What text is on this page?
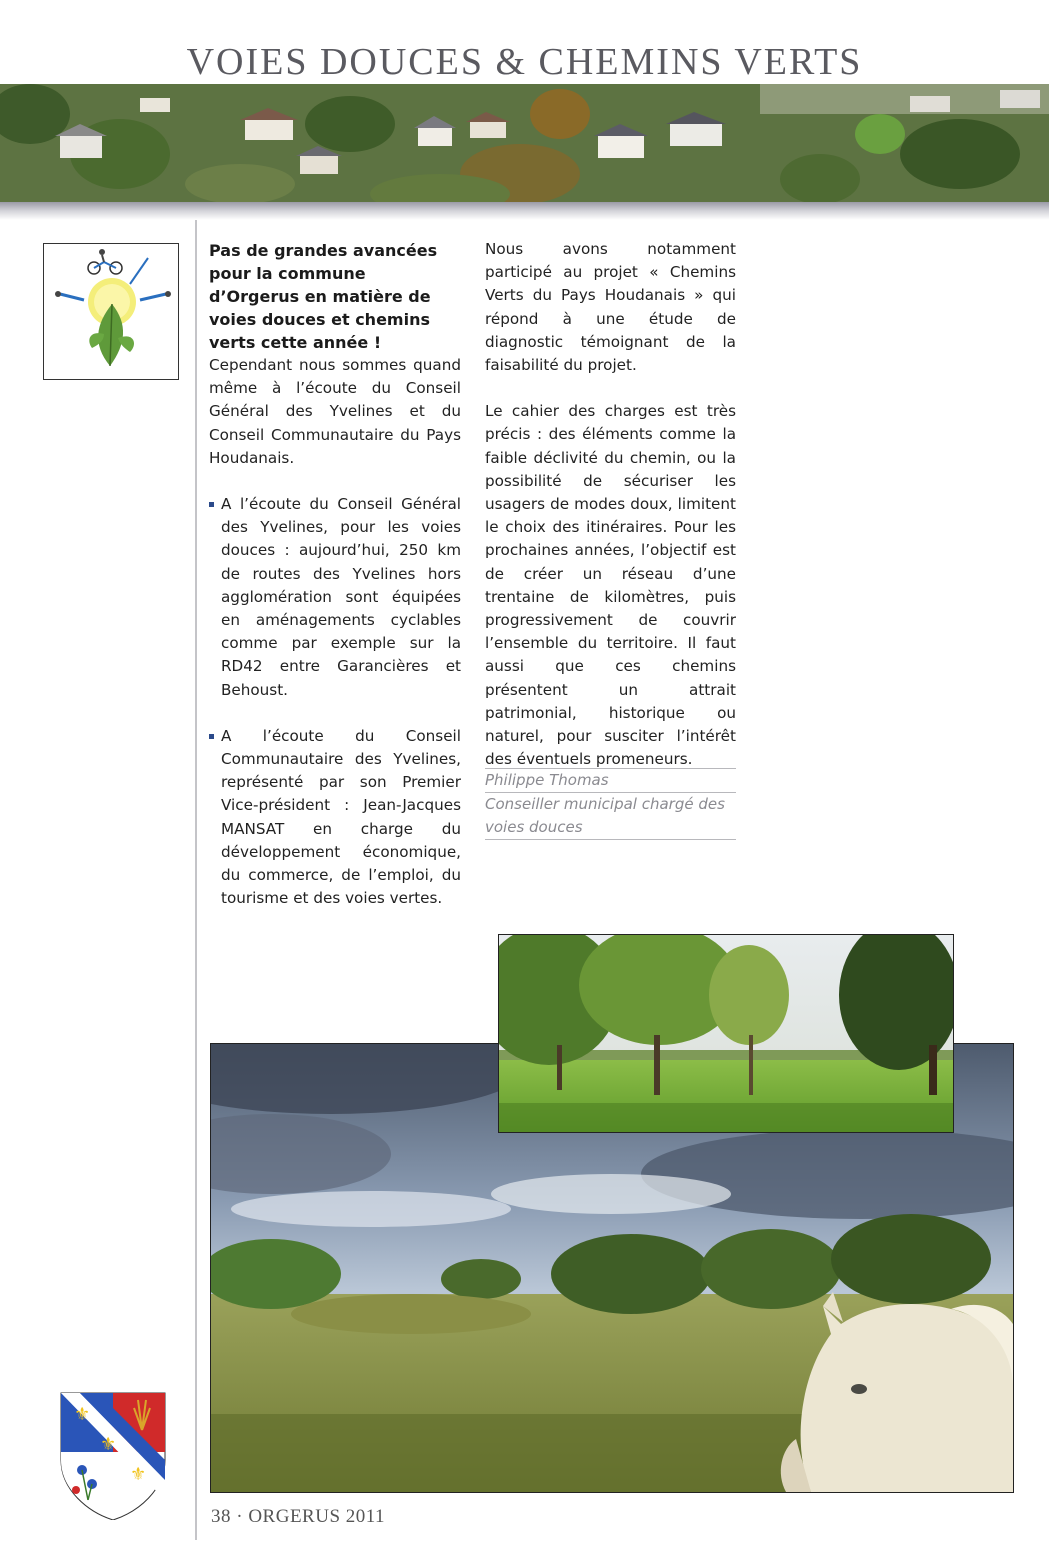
VOIES DOUCES & CHEMINS VERTS
Pas de grandes avancées pour la commune d’Orgerus en matière de voies douces et chemins verts cette année !

Cependant nous sommes quand même à l’écoute du Conseil Général des Yvelines et du Conseil Communautaire du Pays Houdanais.

A l’écoute du Conseil Général des Yvelines, pour les voies douces : aujourd’hui, 250 km de routes des Yvelines hors agglomération sont équipées en aménagements cyclables comme par exemple sur la RD42 entre Garancières et Behoust.

A l’écoute du Conseil Communautaire des Yvelines, représenté par son Premier Vice-président : Jean-Jacques MANSAT en charge du développement économique, du commerce, de l’emploi, du tourisme et des voies vertes.

Nous avons notamment participé au projet « Chemins Verts du Pays Houdanais » qui répond à une étude de diagnostic témoignant de la faisabilité du projet.

Le cahier des charges est très précis : des éléments comme la faible déclivité du chemin, ou la possibilité de sécuriser les usagers de modes doux, limitent le choix des itinéraires. Pour les prochaines années, l’objectif est de créer un réseau d’une trentaine de kilomètres, puis progressivement de couvrir l’ensemble du territoire. Il faut aussi que ces chemins présentent un attrait patrimonial, historique ou naturel, pour susciter l’intérêt des éventuels promeneurs.

Philippe Thomas
Conseiller municipal chargé des voies douces
⚜
⚜
⚜
38 · ORGERUS 2011
